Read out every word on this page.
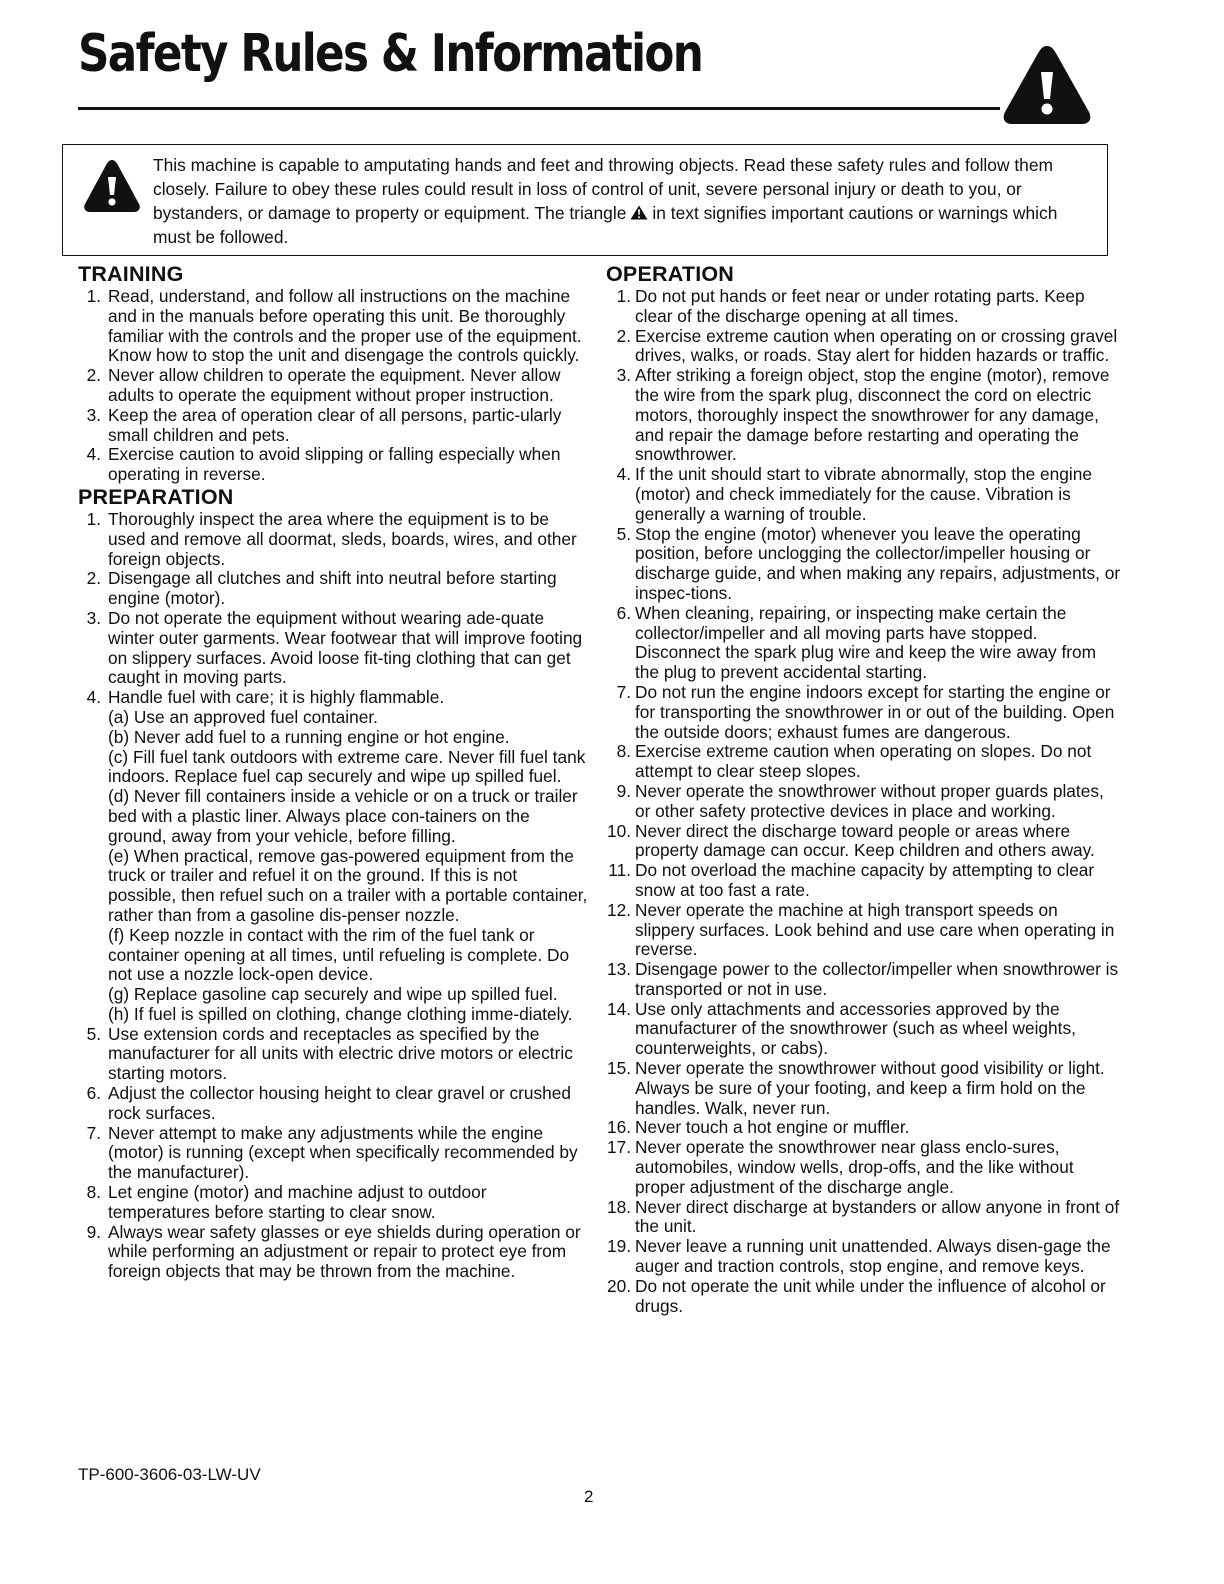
Safety Rules & Information

This machine is capable to amputating hands and feet and throwing objects. Read these safety rules and follow them closely. Failure to obey these rules could result in loss of control of unit, severe personal injury or death to you, or bystanders, or damage to property or equipment. The triangle in text signifies important cautions or warnings which must be followed.

TRAINING
1. Read, understand, and follow all instructions on the machine and in the manuals before operating this unit. Be thoroughly familiar with the controls and the proper use of the equipment. Know how to stop the unit and disengage the controls quickly.
2. Never allow children to operate the equipment. Never allow adults to operate the equipment without proper instruction.
3. Keep the area of operation clear of all persons, partic-ularly small children and pets.
4. Exercise caution to avoid slipping or falling especially when operating in reverse.
PREPARATION
1. Thoroughly inspect the area where the equipment is to be used and remove all doormat, sleds, boards, wires, and other foreign objects.
2. Disengage all clutches and shift into neutral before starting engine (motor).
3. Do not operate the equipment without wearing ade-quate winter outer garments. Wear footwear that will improve footing on slippery surfaces. Avoid loose fit-ting clothing that can get caught in moving parts.
4. Handle fuel with care; it is highly flammable.
(a) Use an approved fuel container.
(b) Never add fuel to a running engine or hot engine.
(c) Fill fuel tank outdoors with extreme care. Never fill fuel tank indoors. Replace fuel cap securely and wipe up spilled fuel.
(d) Never fill containers inside a vehicle or on a truck or trailer bed with a plastic liner. Always place con-tainers on the ground, away from your vehicle, before filling.
(e) When practical, remove gas-powered equipment from the truck or trailer and refuel it on the ground. If this is not possible, then refuel such on a trailer with a portable container, rather than from a gasoline dis-penser nozzle.
(f) Keep nozzle in contact with the rim of the fuel tank or container opening at all times, until refueling is complete. Do not use a nozzle lock-open device.
(g) Replace gasoline cap securely and wipe up spilled fuel.
(h) If fuel is spilled on clothing, change clothing imme-diately.
5. Use extension cords and receptacles as specified by the manufacturer for all units with electric drive motors or electric starting motors.
6. Adjust the collector housing height to clear gravel or crushed rock surfaces.
7. Never attempt to make any adjustments while the engine (motor) is running (except when specifically recommended by the manufacturer).
8. Let engine (motor) and machine adjust to outdoor temperatures before starting to clear snow.
9. Always wear safety glasses or eye shields during operation or while performing an adjustment or repair to protect eye from foreign objects that may be thrown from the machine.
OPERATION
1. Do not put hands or feet near or under rotating parts. Keep clear of the discharge opening at all times.
2. Exercise extreme caution when operating on or crossing gravel drives, walks, or roads. Stay alert for hidden hazards or traffic.
3. After striking a foreign object, stop the engine (motor), remove the wire from the spark plug, disconnect the cord on electric motors, thoroughly inspect the snowthrower for any damage, and repair the damage before restarting and operating the snowthrower.
4. If the unit should start to vibrate abnormally, stop the engine (motor) and check immediately for the cause. Vibration is generally a warning of trouble.
5. Stop the engine (motor) whenever you leave the operating position, before unclogging the collector/impeller housing or discharge guide, and when making any repairs, adjustments, or inspec-tions.
6. When cleaning, repairing, or inspecting make certain the collector/impeller and all moving parts have stopped. Disconnect the spark plug wire and keep the wire away from the plug to prevent accidental starting.
7. Do not run the engine indoors except for starting the engine or for transporting the snowthrower in or out of the building. Open the outside doors; exhaust fumes are dangerous.
8. Exercise extreme caution when operating on slopes. Do not attempt to clear steep slopes.
9. Never operate the snowthrower without proper guards plates, or other safety protective devices in place and working.
10. Never direct the discharge toward people or areas where property damage can occur. Keep children and others away.
11. Do not overload the machine capacity by attempting to clear snow at too fast a rate.
12. Never operate the machine at high transport speeds on slippery surfaces. Look behind and use care when operating in reverse.
13. Disengage power to the collector/impeller when snowthrower is transported or not in use.
14. Use only attachments and accessories approved by the manufacturer of the snowthrower (such as wheel weights, counterweights, or cabs).
15. Never operate the snowthrower without good visibility or light. Always be sure of your footing, and keep a firm hold on the handles. Walk, never run.
16. Never touch a hot engine or muffler.
17. Never operate the snowthrower near glass enclo-sures, automobiles, window wells, drop-offs, and the like without proper adjustment of the discharge angle.
18. Never direct discharge at bystanders or allow anyone in front of the unit.
19. Never leave a running unit unattended. Always disen-gage the auger and traction controls, stop engine, and remove keys.
20. Do not operate the unit while under the influence of alcohol or drugs.

TP-600-3606-03-LW-UV

2
